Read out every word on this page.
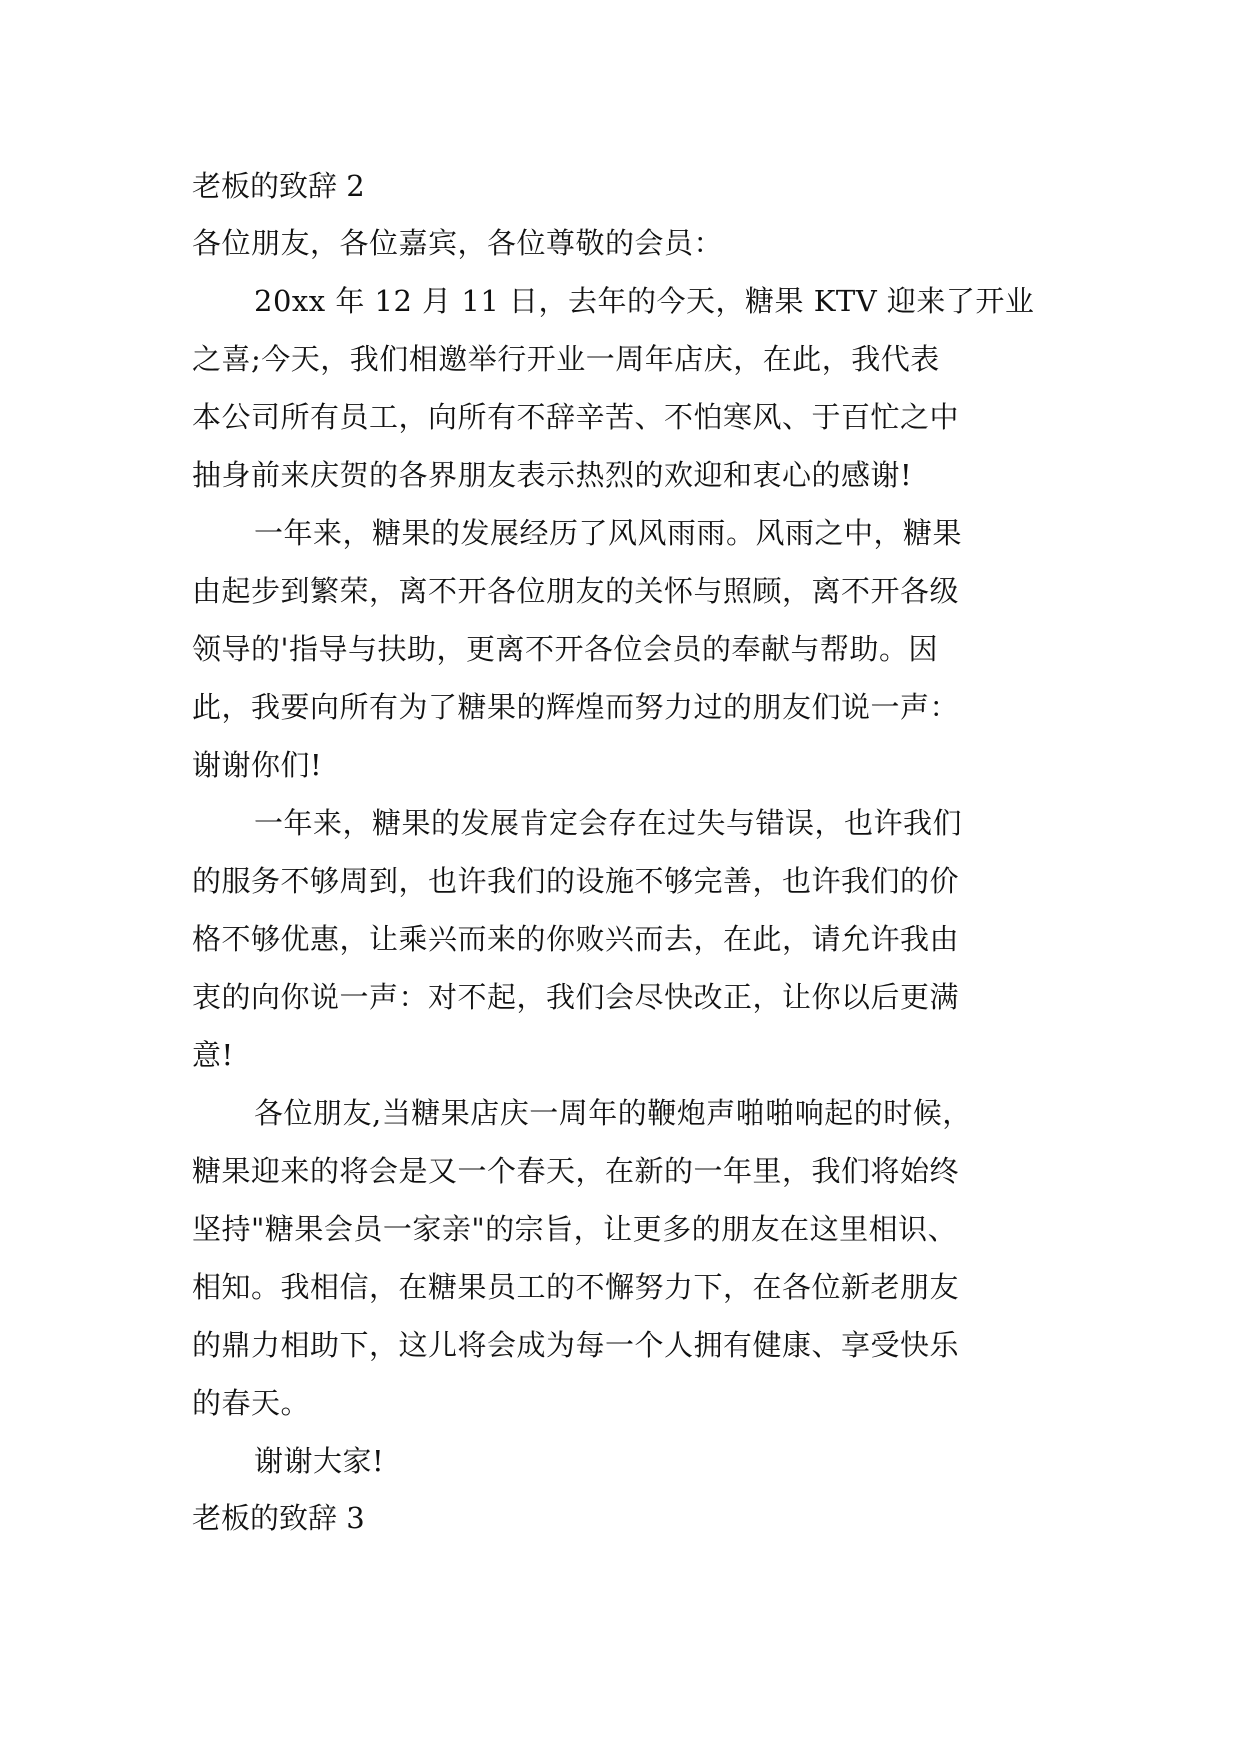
老板的致辞 2
各位朋友，各位嘉宾，各位尊敬的会员：
20xx 年 12 月 11 日，去年的今天，糖果 KTV 迎来了开业
之喜;今天，我们相邀举行开业一周年店庆，在此，我代表
本公司所有员工，向所有不辞辛苦、不怕寒风、于百忙之中
抽身前来庆贺的各界朋友表示热烈的欢迎和衷心的感谢!
一年来，糖果的发展经历了风风雨雨。风雨之中，糖果
由起步到繁荣，离不开各位朋友的关怀与照顾，离不开各级
领导的'指导与扶助，更离不开各位会员的奉献与帮助。因
此，我要向所有为了糖果的辉煌而努力过的朋友们说一声：
谢谢你们!
一年来，糖果的发展肯定会存在过失与错误，也许我们
的服务不够周到，也许我们的设施不够完善，也许我们的价
格不够优惠，让乘兴而来的你败兴而去，在此，请允许我由
衷的向你说一声：对不起，我们会尽快改正，让你以后更满
意!
各位朋友,当糖果店庆一周年的鞭炮声啪啪响起的时候，
糖果迎来的将会是又一个春天，在新的一年里，我们将始终
坚持"糖果会员一家亲"的宗旨，让更多的朋友在这里相识、
相知。我相信，在糖果员工的不懈努力下，在各位新老朋友
的鼎力相助下，这儿将会成为每一个人拥有健康、享受快乐
的春天。
谢谢大家!
老板的致辞 3
